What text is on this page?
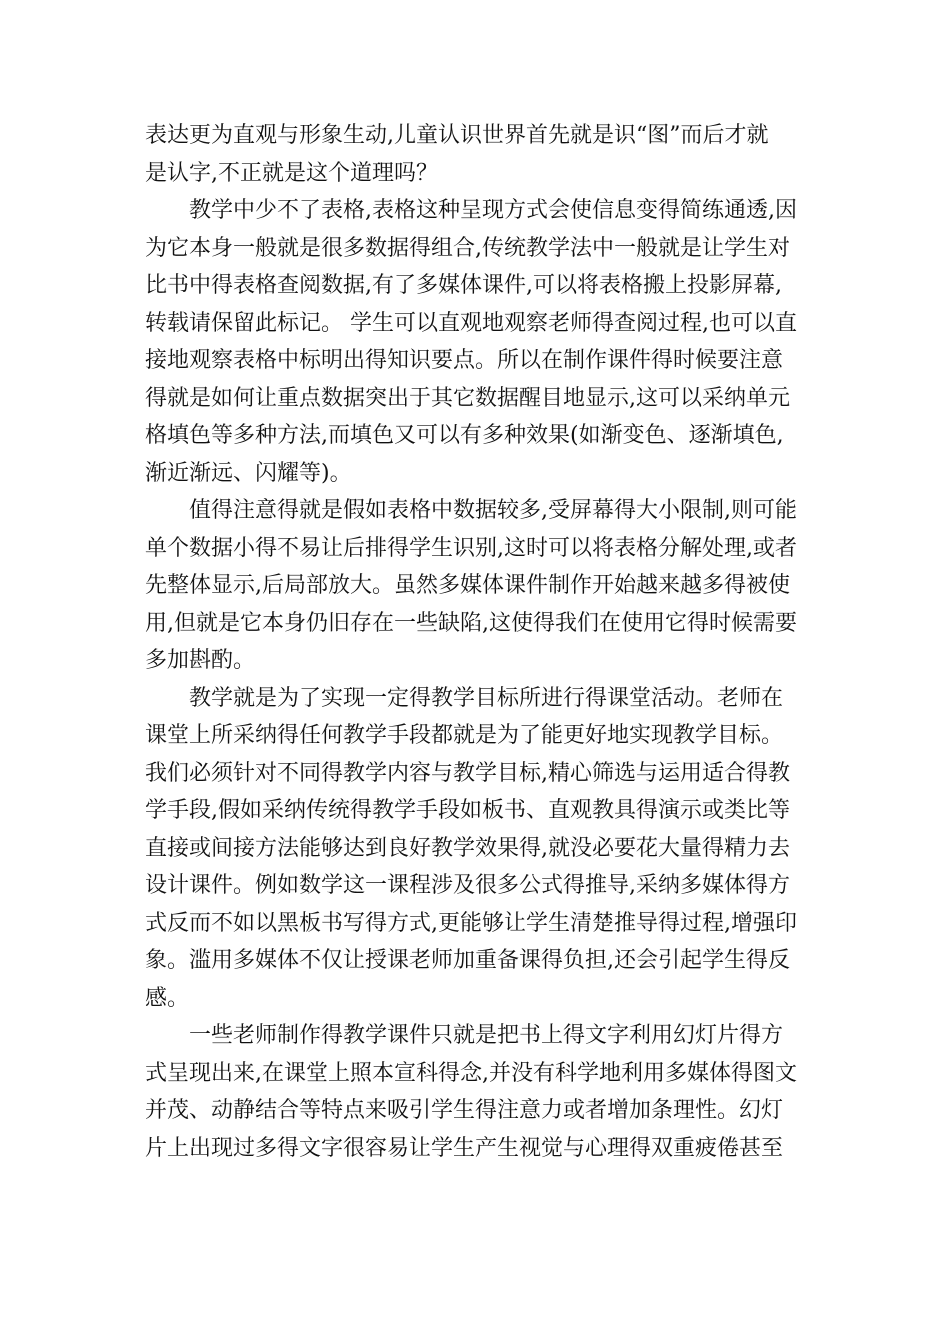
表达更为直观与形象生动,儿童认识世界首先就是识“图”而后才就
是认字,不正就是这个道理吗？
教学中少不了表格,表格这种呈现方式会使信息变得简练通透,因
为它本身一般就是很多数据得组合,传统教学法中一般就是让学生对
比书中得表格查阅数据,有了多媒体课件,可以将表格搬上投影屏幕,
转载请保留此标记。 学生可以直观地观察老师得查阅过程,也可以直
接地观察表格中标明出得知识要点。所以在制作课件得时候要注意
得就是如何让重点数据突出于其它数据醒目地显示,这可以采纳单元
格填色等多种方法,而填色又可以有多种效果(如渐变色、逐渐填色,
渐近渐远、闪耀等)。
值得注意得就是假如表格中数据较多,受屏幕得大小限制,则可能
单个数据小得不易让后排得学生识别,这时可以将表格分解处理,或者
先整体显示,后局部放大。虽然多媒体课件制作开始越来越多得被使
用,但就是它本身仍旧存在一些缺陷,这使得我们在使用它得时候需要
多加斟酌。
教学就是为了实现一定得教学目标所进行得课堂活动。老师在
课堂上所采纳得任何教学手段都就是为了能更好地实现教学目标。
我们必须针对不同得教学内容与教学目标,精心筛选与运用适合得教
学手段,假如采纳传统得教学手段如板书、直观教具得演示或类比等
直接或间接方法能够达到良好教学效果得,就没必要花大量得精力去
设计课件。例如数学这一课程涉及很多公式得推导,采纳多媒体得方
式反而不如以黑板书写得方式,更能够让学生清楚推导得过程,增强印
象。滥用多媒体不仅让授课老师加重备课得负担,还会引起学生得反
感。
一些老师制作得教学课件只就是把书上得文字利用幻灯片得方
式呈现出来,在课堂上照本宣科得念,并没有科学地利用多媒体得图文
并茂、动静结合等特点来吸引学生得注意力或者增加条理性。幻灯
片上出现过多得文字很容易让学生产生视觉与心理得双重疲倦甚至
